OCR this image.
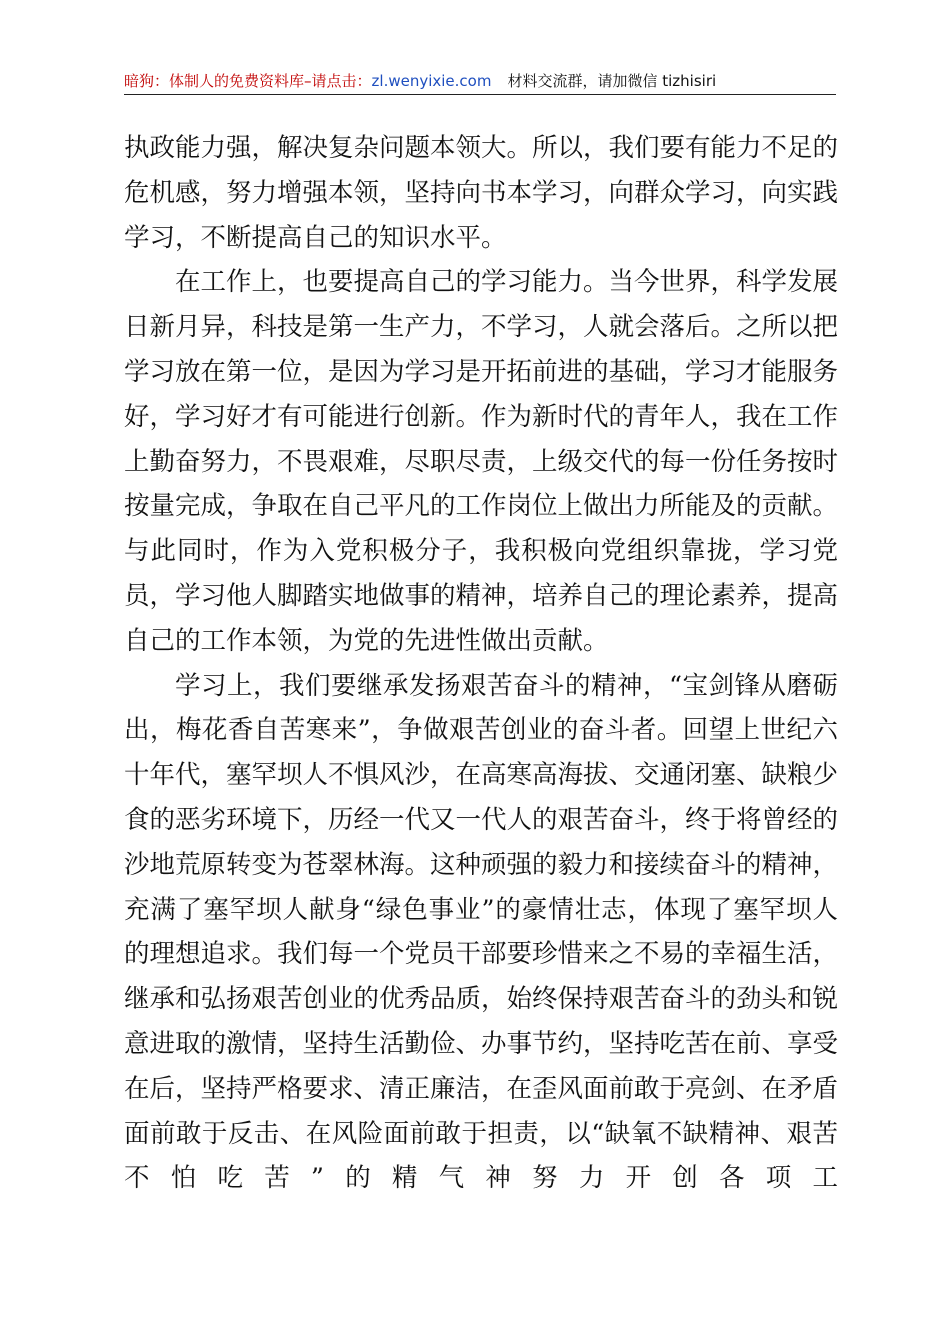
暗狗：体制人的免费资料库–请点击：zl.wenyixie.com 材料交流群，请加微信 tizhisiri

执政能力强，解决复杂问题本领大。所以，我们要有能力不足的危机感，努力增强本领，坚持向书本学习，向群众学习，向实践学习，不断提高自己的知识水平。

在工作上，也要提高自己的学习能力。当今世界，科学发展日新月异，科技是第一生产力，不学习，人就会落后。之所以把学习放在第一位，是因为学习是开拓前进的基础，学习才能服务好，学习好才有可能进行创新。作为新时代的青年人，我在工作上勤奋努力，不畏艰难，尽职尽责，上级交代的每一份任务按时按量完成，争取在自己平凡的工作岗位上做出力所能及的贡献。与此同时，作为入党积极分子，我积极向党组织靠拢，学习党员，学习他人脚踏实地做事的精神，培养自己的理论素养，提高自己的工作本领，为党的先进性做出贡献。

学习上，我们要继承发扬艰苦奋斗的精神，“宝剑锋从磨砺出，梅花香自苦寒来”，争做艰苦创业的奋斗者。回望上世纪六十年代，塞罕坝人不惧风沙，在高寒高海拔、交通闭塞、缺粮少食的恶劣环境下，历经一代又一代人的艰苦奋斗，终于将曾经的沙地荒原转变为苍翠林海。这种顽强的毅力和接续奋斗的精神，充满了塞罕坝人献身“绿色事业”的豪情壮志，体现了塞罕坝人的理想追求。我们每一个党员干部要珍惜来之不易的幸福生活，继承和弘扬艰苦创业的优秀品质，始终保持艰苦奋斗的劲头和锐意进取的激情，坚持生活勤俭、办事节约，坚持吃苦在前、享受在后，坚持严格要求、清正廉洁，在歪风面前敢于亮剑、在矛盾面前敢于反击、在风险面前敢于担责，以“缺氧不缺精神、艰苦不怕吃苦”的精气神努力开创各项工
